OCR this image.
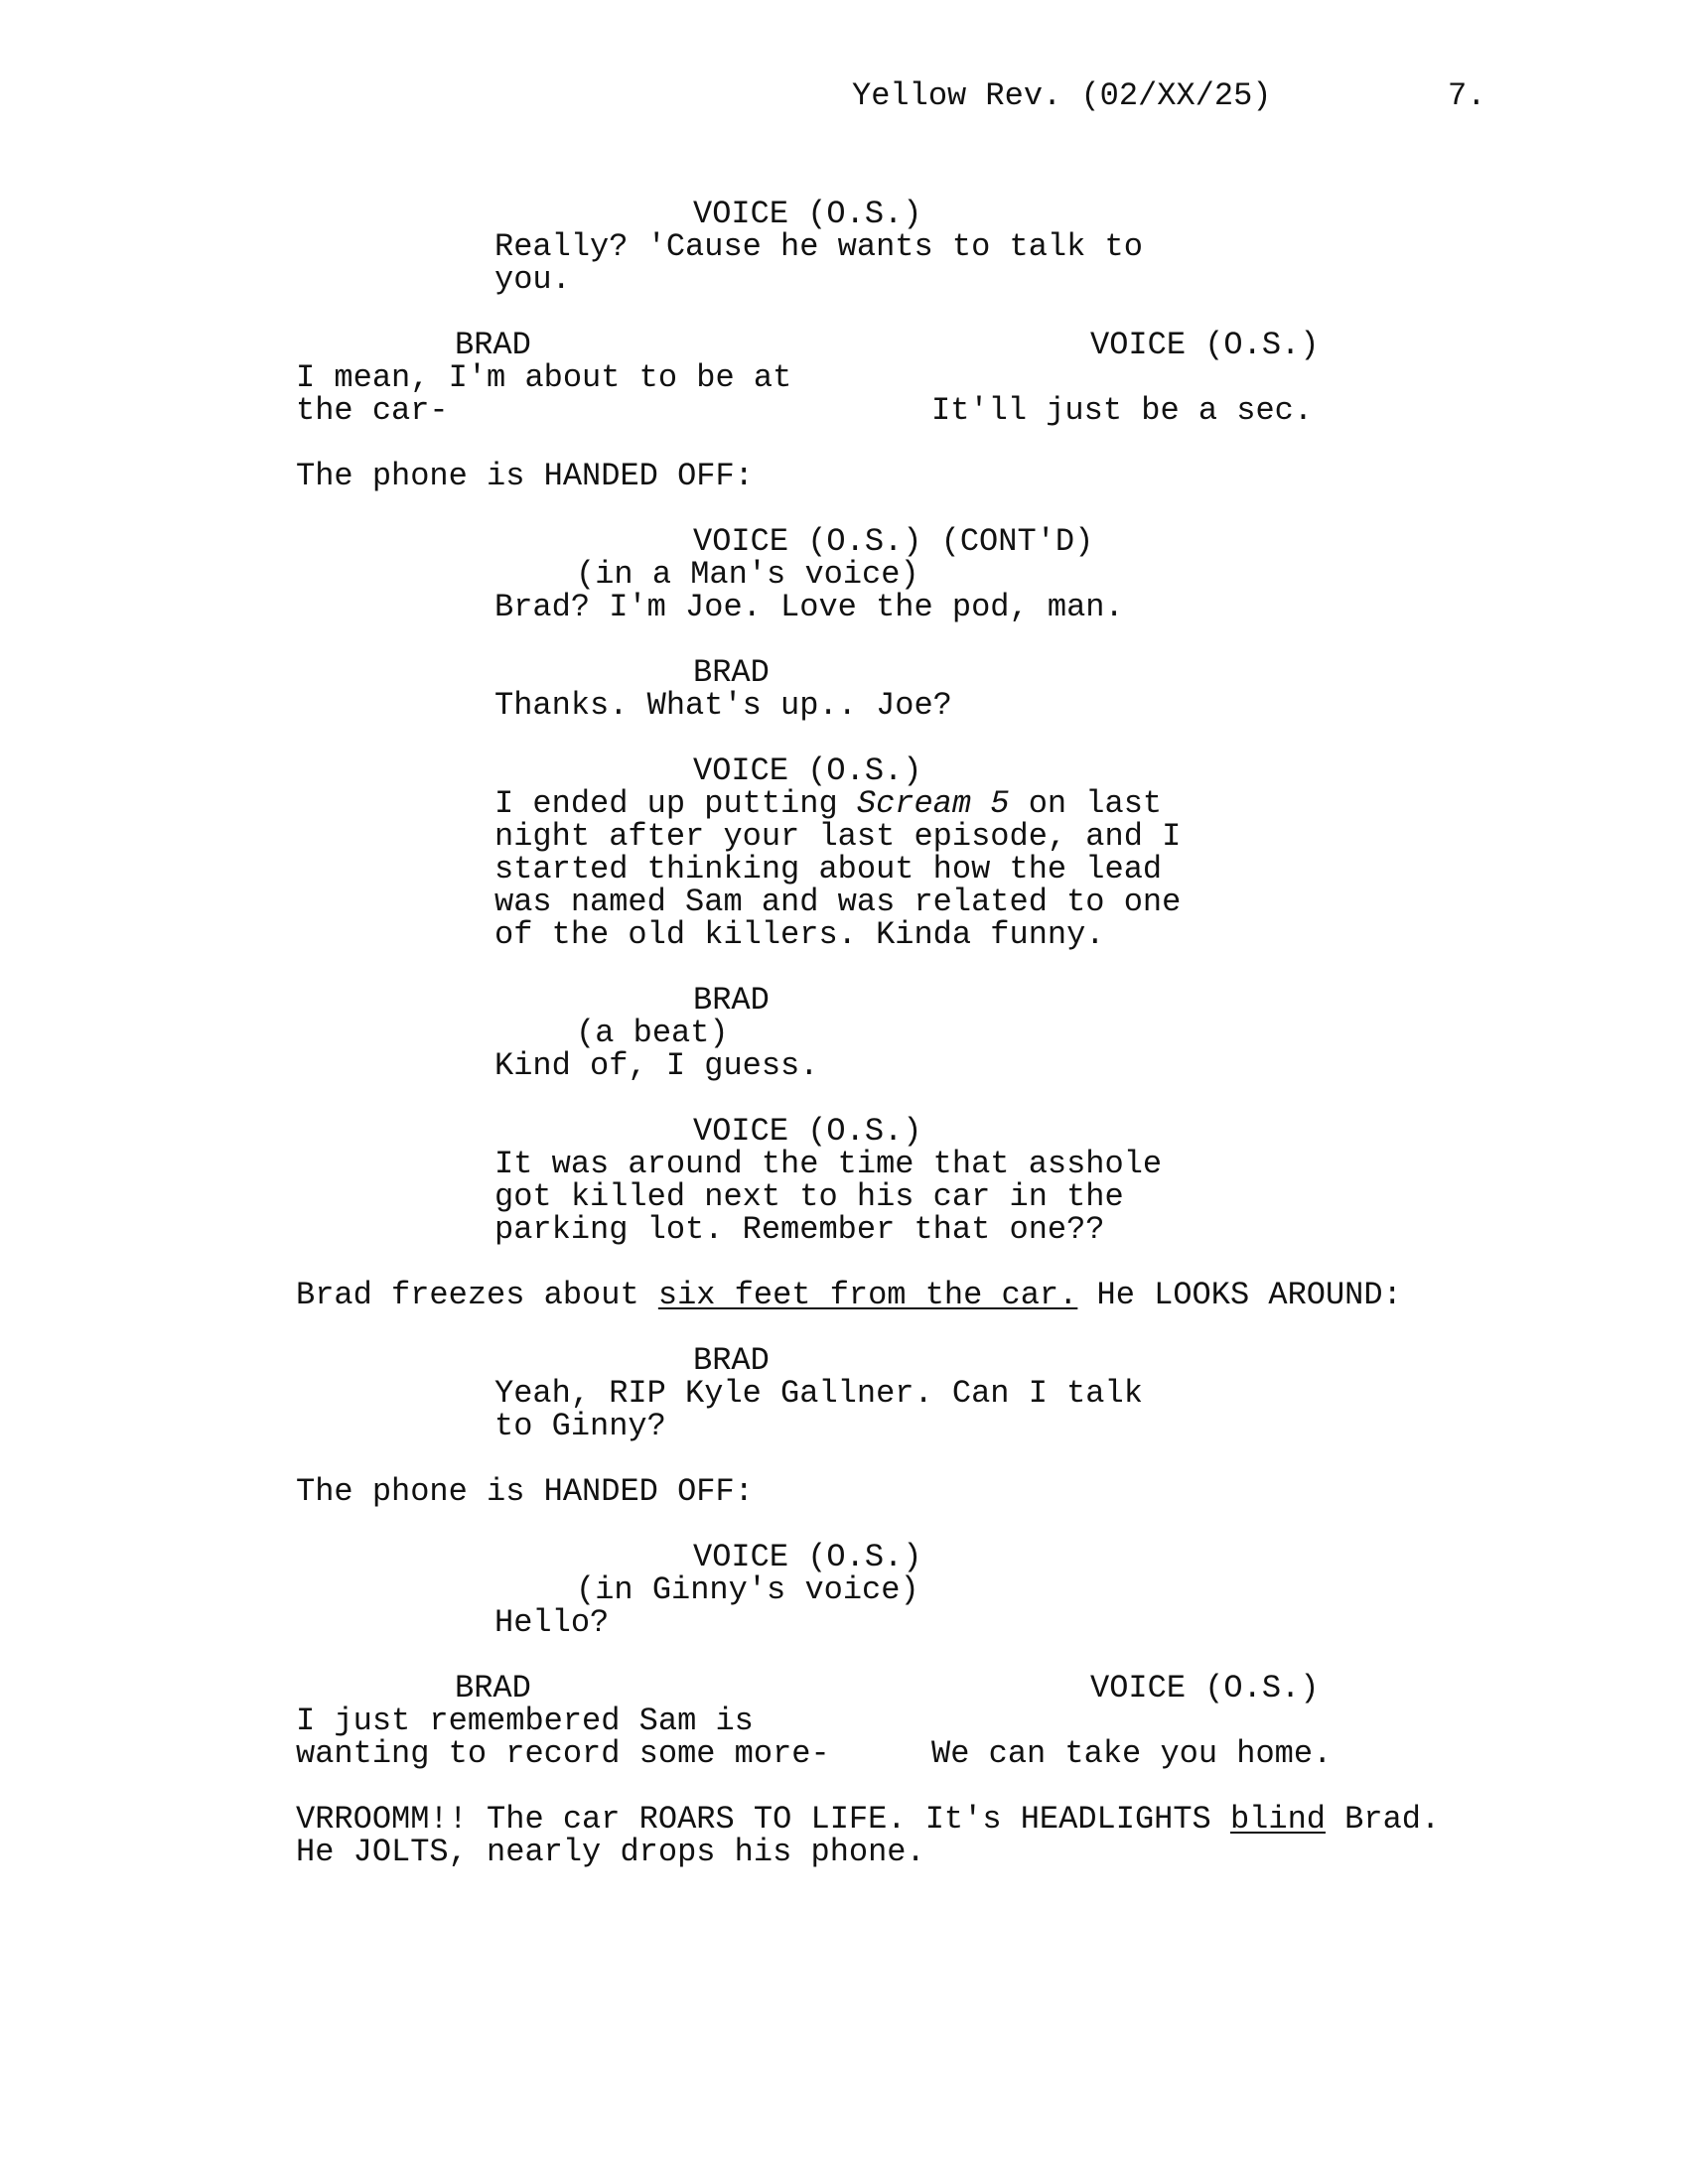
Yellow Rev. (02/XX/25)	7.
VOICE (O.S.)
Really? 'Cause he wants to talk to
you.
BRAD
I mean, I'm about to be at
the car-
VOICE (O.S.)
It'll just be a sec.
The phone is HANDED OFF:
VOICE (O.S.) (CONT'D)
(in a Man's voice)
Brad? I'm Joe. Love the pod, man.
BRAD
Thanks. What's up.. Joe?
VOICE (O.S.)
I ended up putting Scream 5 on last
night after your last episode, and I
started thinking about how the lead
was named Sam and was related to one
of the old killers. Kinda funny.
BRAD
(a beat)
Kind of, I guess.
VOICE (O.S.)
It was around the time that asshole
got killed next to his car in the
parking lot. Remember that one??
Brad freezes about six feet from the car. He LOOKS AROUND:
BRAD
Yeah, RIP Kyle Gallner. Can I talk
to Ginny?
The phone is HANDED OFF:
VOICE (O.S.)
(in Ginny's voice)
Hello?
BRAD
I just remembered Sam is
wanting to record some more-
VOICE (O.S.)
We can take you home.
VRROOMM!! The car ROARS TO LIFE. It's HEADLIGHTS blind Brad.
He JOLTS, nearly drops his phone.
